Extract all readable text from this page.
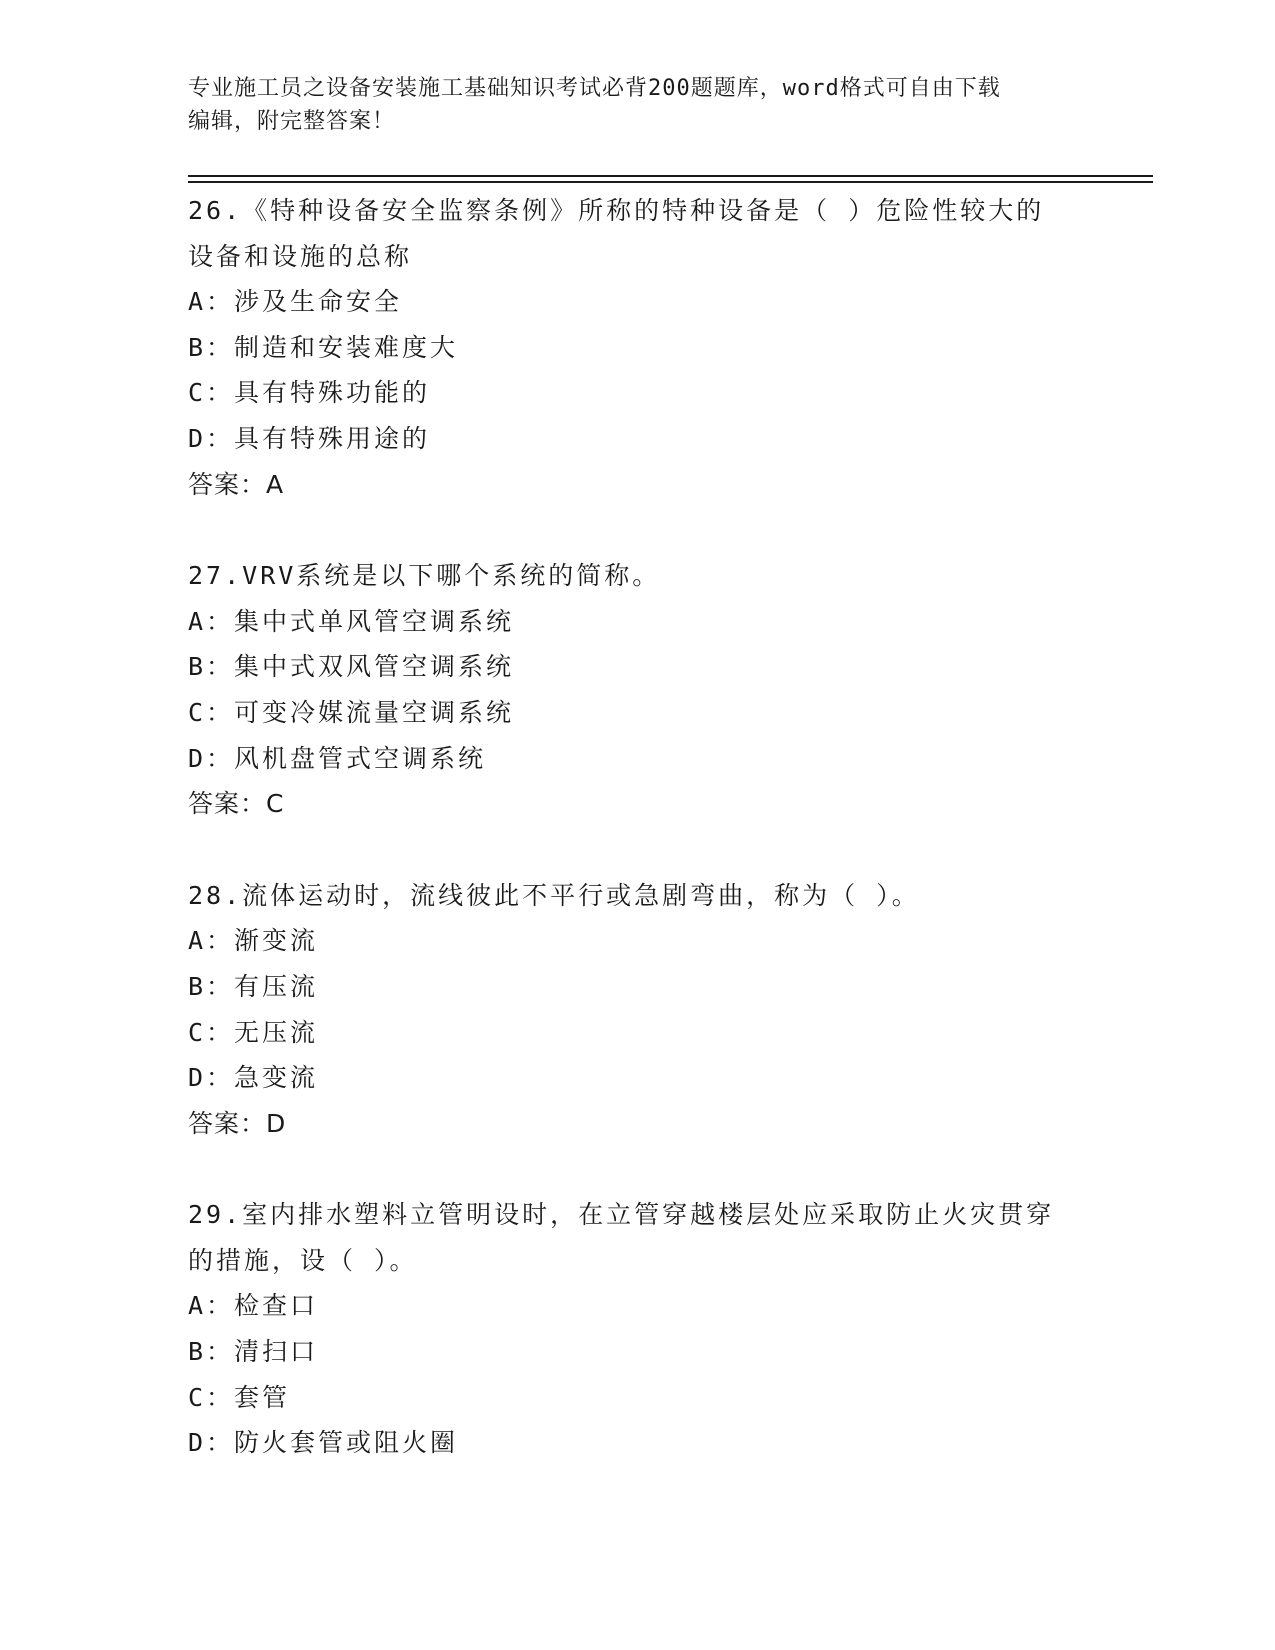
专业施工员之设备安装施工基础知识考试必背200题题库，word格式可自由下载
编辑，附完整答案！
26.《特种设备安全监察条例》所称的特种设备是（ ）危险性较大的
设备和设施的总称
A：涉及生命安全
B：制造和安装难度大
C：具有特殊功能的
D：具有特殊用途的
答案：A
27.VRV系统是以下哪个系统的简称。
A：集中式单风管空调系统
B：集中式双风管空调系统
C：可变冷媒流量空调系统
D：风机盘管式空调系统
答案：C
28.流体运动时，流线彼此不平行或急剧弯曲，称为（ ）。
A：渐变流
B：有压流
C：无压流
D：急变流
答案：D
29.室内排水塑料立管明设时，在立管穿越楼层处应采取防止火灾贯穿
的措施，设（ ）。
A：检查口
B：清扫口
C：套管
D：防火套管或阻火圈
